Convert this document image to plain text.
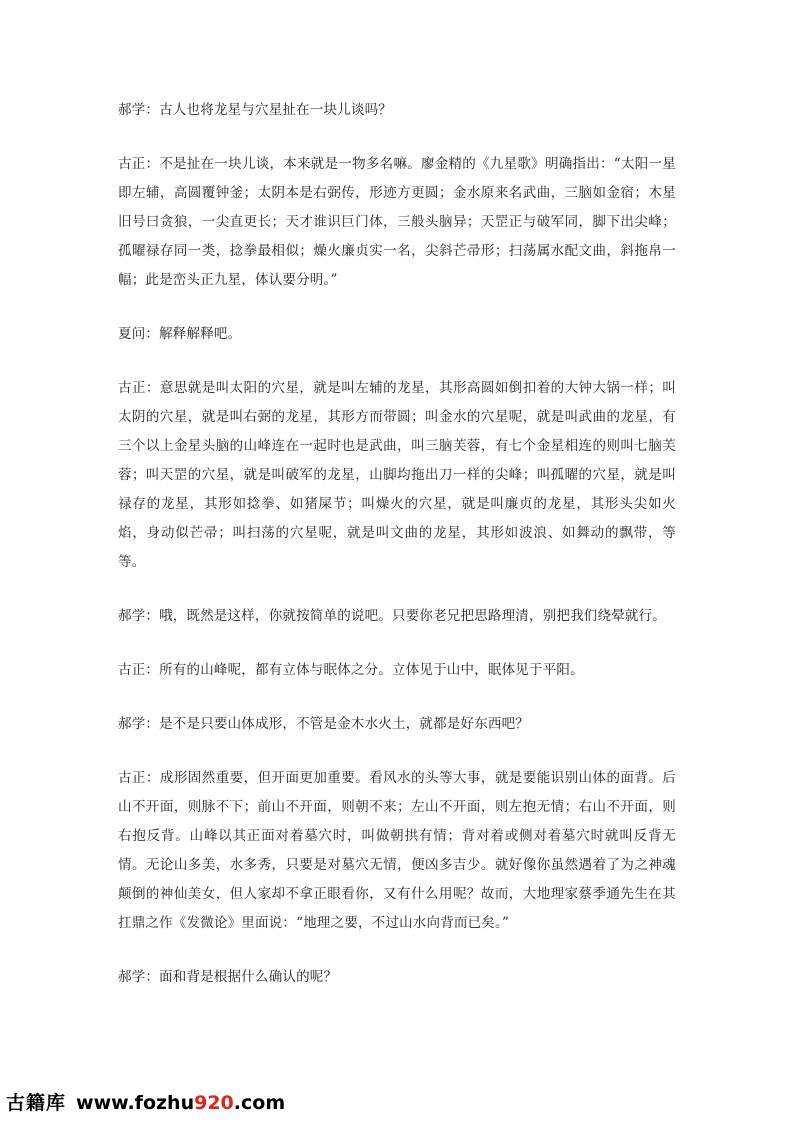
郝学：古人也将龙星与穴星扯在一块儿谈吗？

古正：不是扯在一块儿谈，本来就是一物多名嘛。廖金精的《九星歌》明确指出：“太阳一星即左辅，高圆覆钟釜；太阴本是右弼传，形迹方更圆；金水原来名武曲，三脑如金宿；木星旧号曰贪狼，一尖直更长；天才谁识巨门体，三般头脑异；天罡正与破军同，脚下出尖峰；孤曜禄存同一类，捻拳最相似；燥火廉贞实一名，尖斜芒帚形；扫荡属水配文曲，斜拖帛一幅；此是峦头正九星，体认要分明。”

夏问：解释解释吧。

古正：意思就是叫太阳的穴星，就是叫左辅的龙星，其形高圆如倒扣着的大钟大锅一样；叫太阴的穴星，就是叫右弼的龙星，其形方而带圆；叫金水的穴星呢，就是叫武曲的龙星，有三个以上金星头脑的山峰连在一起时也是武曲，叫三脑芙蓉，有七个金星相连的则叫七脑芙蓉；叫天罡的穴星，就是叫破军的龙星，山脚均拖出刀一样的尖峰；叫孤曜的穴星，就是叫禄存的龙星，其形如捻拳、如猪屎节；叫燥火的穴星，就是叫廉贞的龙星，其形头尖如火焰，身动似芒帚；叫扫荡的穴星呢，就是叫文曲的龙星，其形如波浪、如舞动的飘带，等等。

郝学：哦，既然是这样，你就按简单的说吧。只要你老兄把思路理清，别把我们绕晕就行。

古正：所有的山峰呢，都有立体与眠体之分。立体见于山中，眠体见于平阳。

郝学：是不是只要山体成形，不管是金木水火土，就都是好东西吧？

古正：成形固然重要，但开面更加重要。看风水的头等大事，就是要能识别山体的面背。后山不开面，则脉不下；前山不开面，则朝不来；左山不开面，则左抱无情；右山不开面，则右抱反背。山峰以其正面对着墓穴时，叫做朝拱有情；背对着或侧对着墓穴时就叫反背无情。无论山多美，水多秀，只要是对墓穴无情，便凶多吉少。就好像你虽然遇着了为之神魂颠倒的神仙美女，但人家却不拿正眼看你，又有什么用呢？故而，大地理家蔡季通先生在其扛鼎之作《发微论》里面说：“地理之要，不过山水向背而已矣。”

郝学：面和背是根据什么确认的呢？

古籍库 www.fozhu920.com
